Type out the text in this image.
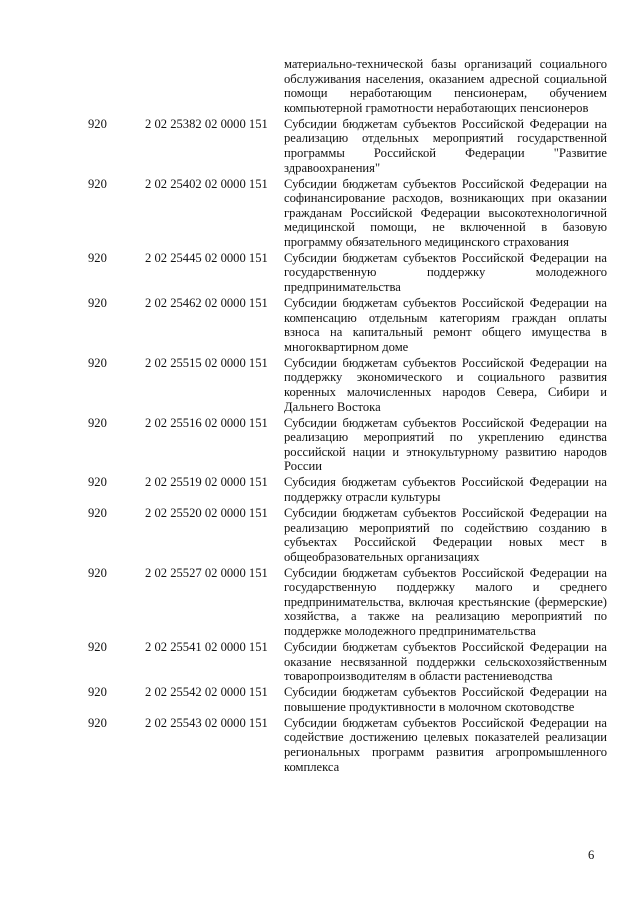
материально-технической базы организаций социального обслуживания населения, оказанием адресной социальной помощи неработающим пенсионерам, обучением компьютерной грамотности неработающих пенсионеров
920	2 02 25382 02 0000 151 Субсидии бюджетам субъектов Российской Федерации на реализацию отдельных мероприятий государственной программы Российской Федерации "Развитие здравоохранения"
920	2 02 25402 02 0000 151 Субсидии бюджетам субъектов Российской Федерации на софинансирование расходов, возникающих при оказании гражданам Российской Федерации высокотехнологичной медицинской помощи, не включенной в базовую программу обязательного медицинского страхования
920	2 02 25445 02 0000 151 Субсидии бюджетам субъектов Российской Федерации на государственную поддержку молодежного предпринимательства
920	2 02 25462 02 0000 151 Субсидии бюджетам субъектов Российской Федерации на компенсацию отдельным категориям граждан оплаты взноса на капитальный ремонт общего имущества в многоквартирном доме
920	2 02 25515 02 0000 151 Субсидии бюджетам субъектов Российской Федерации на поддержку экономического и социального развития коренных малочисленных народов Севера, Сибири и Дальнего Востока
920	2 02 25516 02 0000 151 Субсидии бюджетам субъектов Российской Федерации на реализацию мероприятий по укреплению единства российской нации и этнокультурному развитию народов России
920	2 02 25519 02 0000 151 Субсидия бюджетам субъектов Российской Федерации на поддержку отрасли культуры
920	2 02 25520 02 0000 151 Субсидии бюджетам субъектов Российской Федерации на реализацию мероприятий по содействию созданию в субъектах Российской Федерации новых мест в общеобразовательных организациях
920	2 02 25527 02 0000 151 Субсидии бюджетам субъектов Российской Федерации на государственную поддержку малого и среднего предпринимательства, включая крестьянские (фермерские) хозяйства, а также на реализацию мероприятий по поддержке молодежного предпринимательства
920	2 02 25541 02 0000 151 Субсидии бюджетам субъектов Российской Федерации на оказание несвязанной поддержки сельскохозяйственным товаропроизводителям в области растениеводства
920	2 02 25542 02 0000 151 Субсидии бюджетам субъектов Российской Федерации на повышение продуктивности в молочном скотоводстве
920	2 02 25543 02 0000 151 Субсидии бюджетам субъектов Российской Федерации на содействие достижению целевых показателей реализации региональных программ развития агропромышленного комплекса
6
